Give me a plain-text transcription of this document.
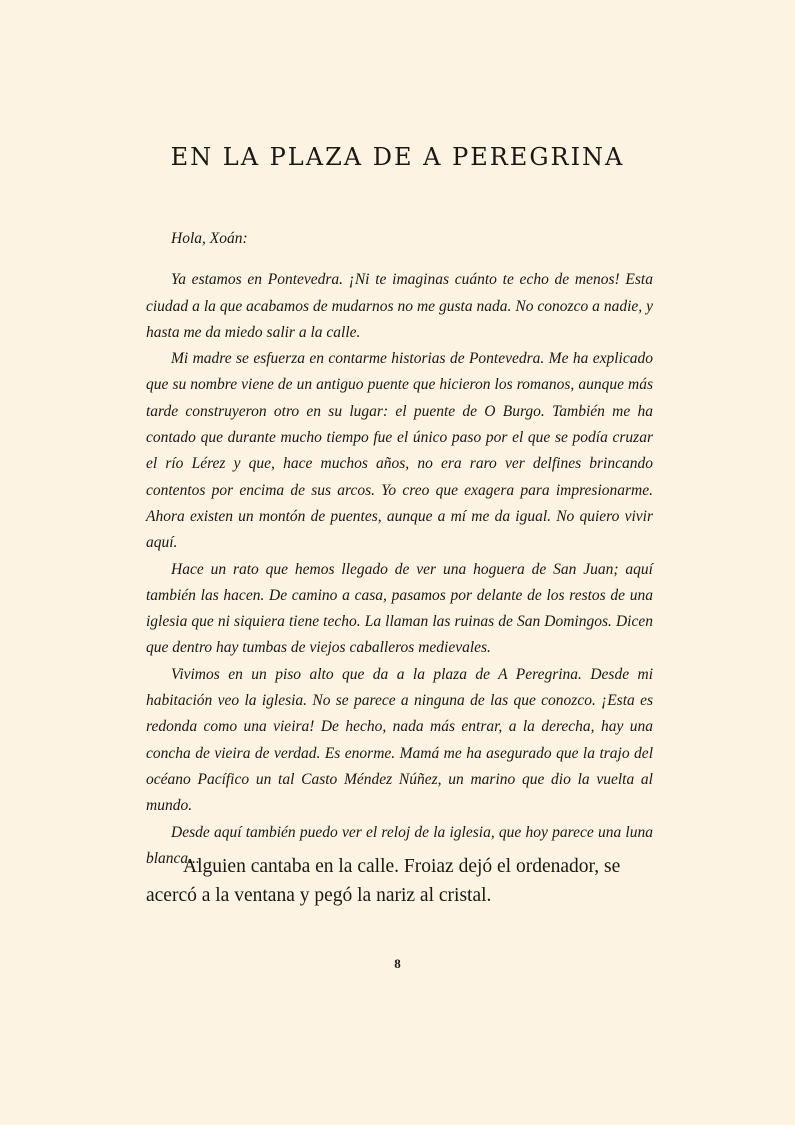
EN LA PLAZA DE A PEREGRINA

Hola, Xoán:

Ya estamos en Pontevedra. ¡Ni te imaginas cuánto te echo de menos! Esta ciudad a la que acabamos de mudarnos no me gusta nada. No conozco a nadie, y hasta me da miedo salir a la calle.

Mi madre se esfuerza en contarme historias de Pontevedra. Me ha explicado que su nombre viene de un antiguo puente que hicieron los romanos, aunque más tarde construyeron otro en su lugar: el puente de O Burgo. También me ha contado que durante mucho tiempo fue el único paso por el que se podía cruzar el río Lérez y que, hace muchos años, no era raro ver delfines brincando contentos por encima de sus arcos. Yo creo que exagera para impresionarme. Ahora existen un montón de puentes, aunque a mí me da igual. No quiero vivir aquí.

Hace un rato que hemos llegado de ver una hoguera de San Juan; aquí también las hacen. De camino a casa, pasamos por delante de los restos de una iglesia que ni siquiera tiene techo. La llaman las ruinas de San Domingos. Dicen que dentro hay tumbas de viejos caballeros medievales.

Vivimos en un piso alto que da a la plaza de A Peregrina. Desde mi habitación veo la iglesia. No se parece a ninguna de las que conozco. ¡Esta es redonda como una vieira! De hecho, nada más entrar, a la derecha, hay una concha de vieira de verdad. Es enorme. Mamá me ha asegurado que la trajo del océano Pacífico un tal Casto Méndez Núñez, un marino que dio la vuelta al mundo.

Desde aquí también puedo ver el reloj de la iglesia, que hoy parece una luna blanca...

Alguien cantaba en la calle. Froiaz dejó el ordenador, se acercó a la ventana y pegó la nariz al cristal.

8
